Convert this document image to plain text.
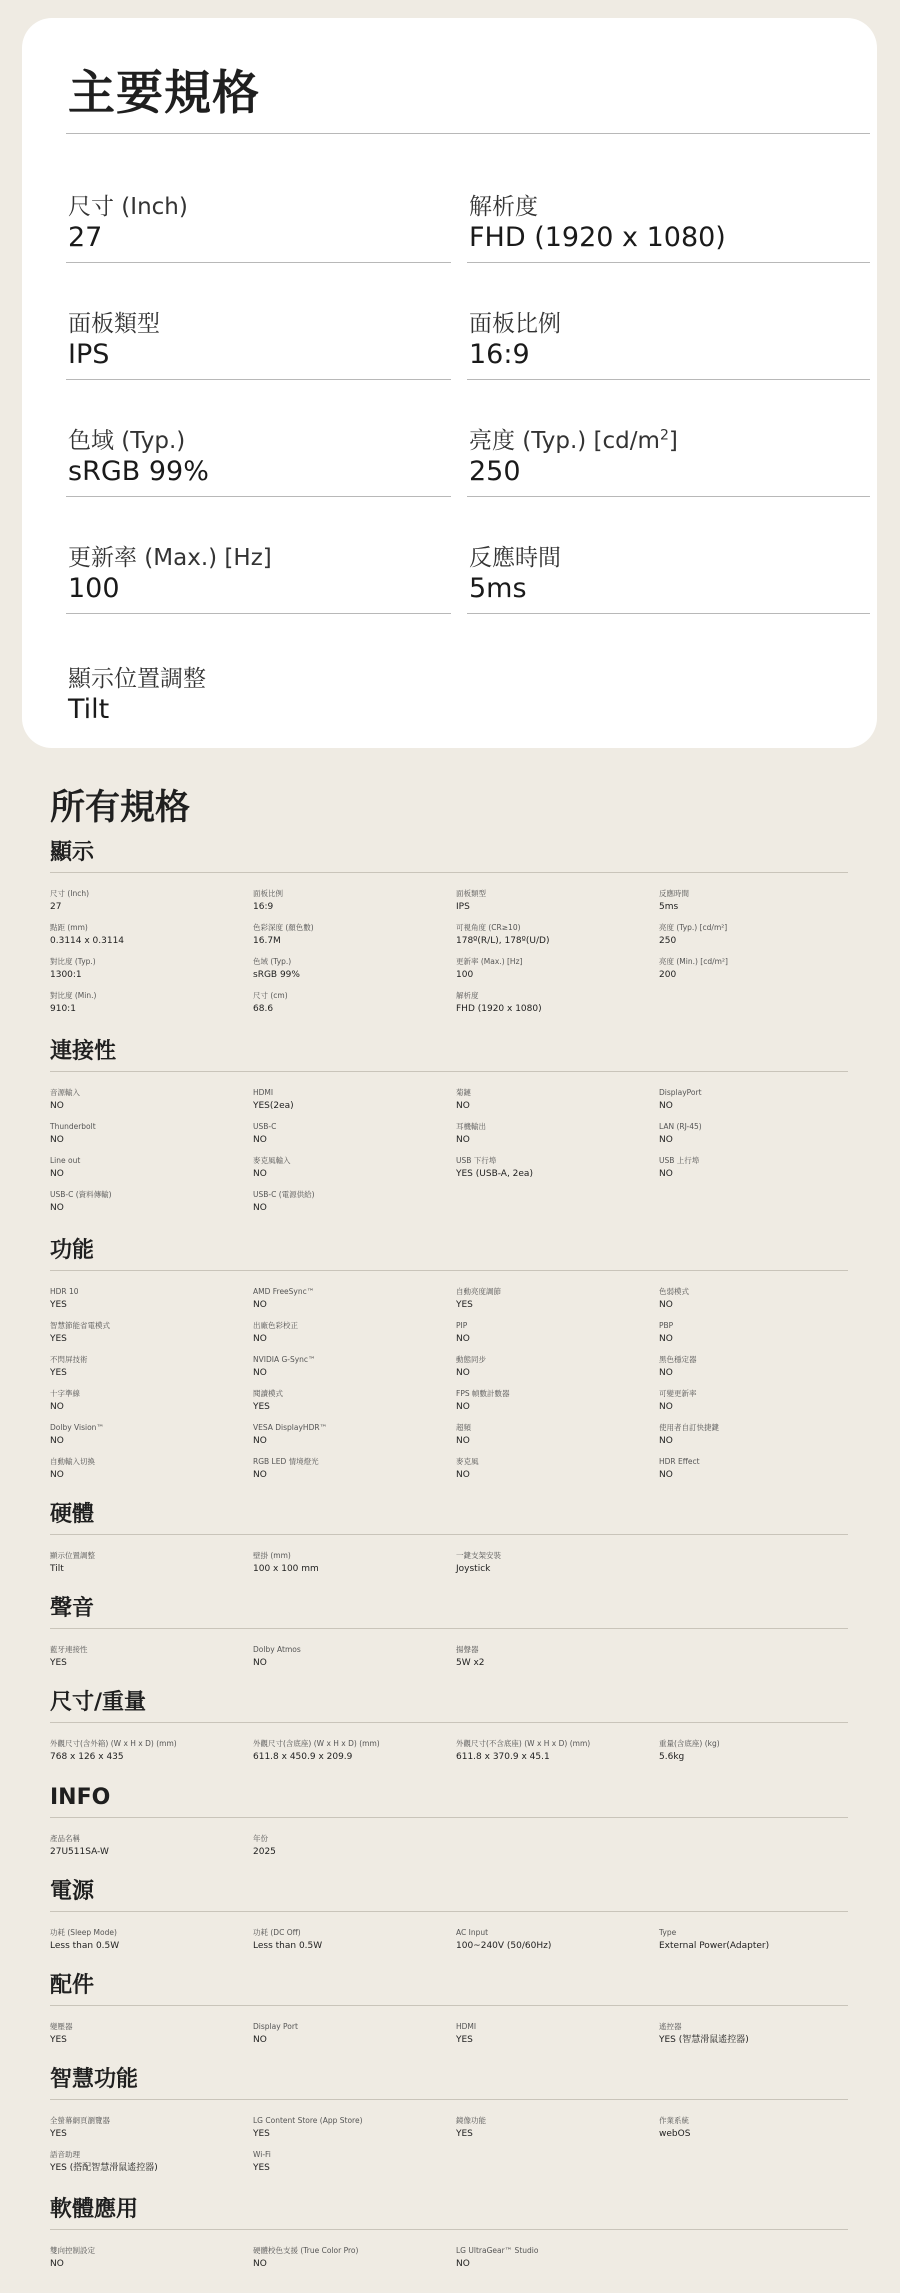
主要規格
尺寸 (Inch)
27
解析度
FHD (1920 x 1080)
面板類型
IPS
面板比例
16:9
色域 (Typ.)
sRGB 99%
亮度 (Typ.) $[cd/m^2]$
250
更新率 (Max.) [Hz]
100
反應時間
5ms
顯示位置調整
Tilt
所有規格
顯示
尺寸 (Inch)
27
面板比例
16:9
面板類型
IPS
反應時間
5ms
點距 (mm)
0.3114 x 0.3114
色彩深度 (顏色數)
16.7M
可視角度 (CR≥10)
178º(R/L), 178º(U/D)
亮度 (Typ.) [cd/m²]
250
對比度 (Typ.)
1300:1
色域 (Typ.)
sRGB 99%
更新率 (Max.) [Hz]
100
亮度 (Min.) [cd/m²]
200
對比度 (Min.)
910:1
尺寸 (cm)
68.6
解析度
FHD (1920 x 1080)
連接性
音源輸入
NO
HDMI
YES(2ea)
菊鏈
NO
DisplayPort
NO
Thunderbolt
NO
USB-C
NO
耳機輸出
NO
LAN (RJ-45)
NO
Line out
NO
麥克風輸入
NO
USB 下行埠
YES (USB-A, 2ea)
USB 上行埠
NO
USB-C (資料傳輸)
NO
USB-C (電源供給)
NO
功能
HDR 10
YES
AMD FreeSync™
NO
自動亮度調節
YES
色弱模式
NO
智慧節能省電模式
YES
出廠色彩校正
NO
PIP
NO
PBP
NO
不閃屏技術
YES
NVIDIA G-Sync™
NO
動態同步
NO
黑色穩定器
NO
十字準線
NO
閱讀模式
YES
FPS 幀數計數器
NO
可變更新率
NO
Dolby Vision™
NO
VESA DisplayHDR™
NO
超頻
NO
使用者自訂快捷鍵
NO
自動輸入切換
NO
RGB LED 情境燈光
NO
麥克風
NO
HDR Effect
NO
硬體
顯示位置調整
Tilt
壁掛 (mm)
100 x 100 mm
一鍵支架安裝
Joystick
聲音
藍牙連接性
YES
Dolby Atmos
NO
揚聲器
5W x2
尺寸/重量
外觀尺寸(含外箱) (W x H x D) (mm)
768 x 126 x 435
外觀尺寸(含底座) (W x H x D) (mm)
611.8 x 450.9 x 209.9
外觀尺寸(不含底座) (W x H x D) (mm)
611.8 x 370.9 x 45.1
重量(含底座) (kg)
5.6kg
INFO
產品名稱
27U511SA-W
年份
2025
電源
功耗 (Sleep Mode)
Less than 0.5W
功耗 (DC Off)
Less than 0.5W
AC Input
100~240V (50/60Hz)
Type
External Power(Adapter)
配件
變壓器
YES
Display Port
NO
HDMI
YES
遙控器
YES (智慧滑鼠遙控器)
智慧功能
全螢幕網頁瀏覽器
YES
LG Content Store (App Store)
YES
鏡像功能
YES
作業系統
webOS
語音助理
YES (搭配智慧滑鼠遙控器)
Wi-Fi
YES
軟體應用
雙向控制設定
NO
硬體校色支援 (True Color Pro)
NO
LG UltraGear™ Studio
NO
